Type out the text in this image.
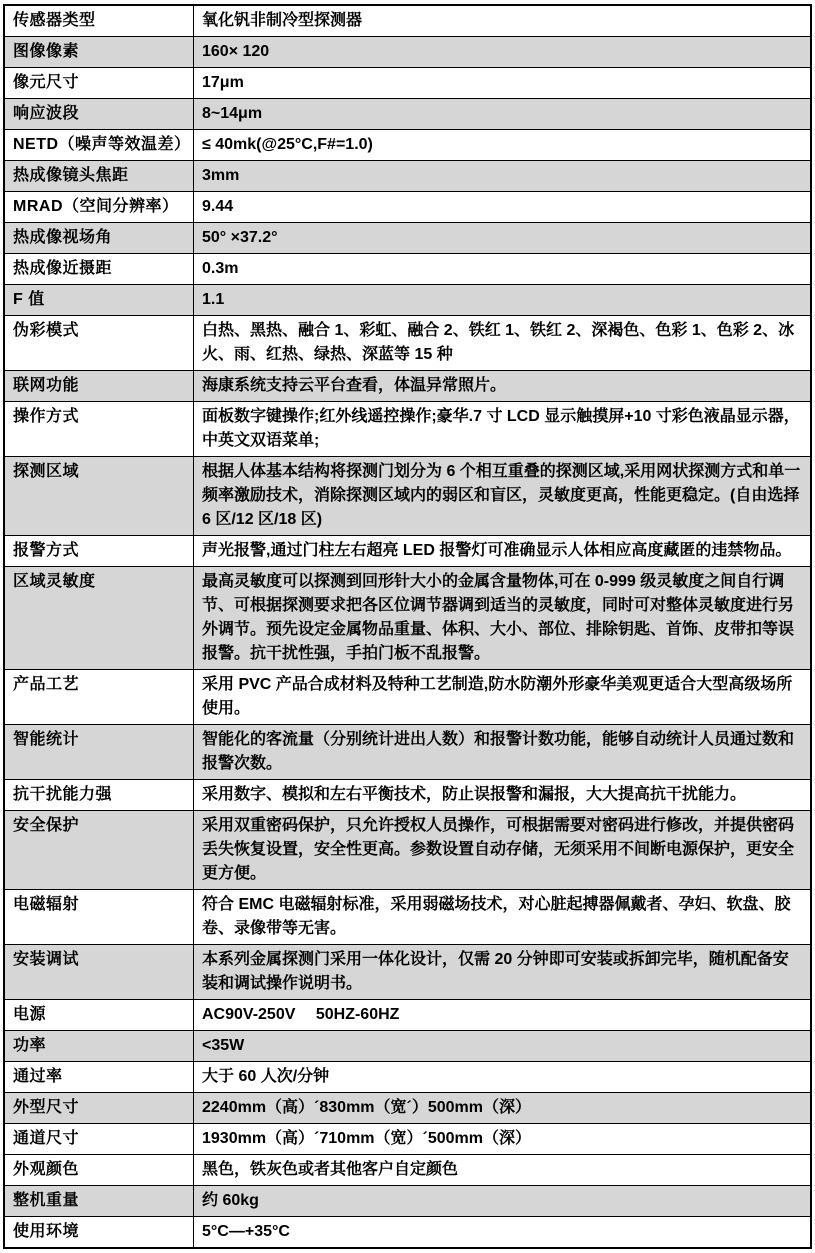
传感器类型	氧化钒非制冷型探测器
图像像素	160× 120
像元尺寸	17μm
响应波段	8~14μm
NETD（噪声等效温差）	≤ 40mk(@25°C,F#=1.0)
热成像镜头焦距	3mm
MRAD（空间分辨率）	9.44
热成像视场角	50° ×37.2°
热成像近摄距	0.3m
F 值	1.1
伪彩模式	白热、黑热、融合 1、彩虹、融合 2、铁红 1、铁红 2、深褐色、色彩 1、色彩 2、冰火、雨、红热、绿热、深蓝等 15 种
联网功能	海康系统支持云平台查看，体温异常照片。
操作方式	面板数字键操作;红外线遥控操作;豪华.7 寸 LCD 显示触摸屏+10 寸彩色液晶显示器，中英文双语菜单;
探测区域	根据人体基本结构将探测门划分为 6 个相互重叠的探测区域,采用网状探测方式和单一频率激励技术，消除探测区域内的弱区和盲区，灵敏度更高，性能更稳定。(自由选择 6 区/12 区/18 区)
报警方式	声光报警,通过门柱左右超亮 LED 报警灯可准确显示人体相应高度藏匿的违禁物品。
区域灵敏度	最高灵敏度可以探测到回形针大小的金属含量物体,可在 0-999 级灵敏度之间自行调节、可根据探测要求把各区位调节器调到适当的灵敏度，同时可对整体灵敏度进行另外调节。预先设定金属物品重量、体积、大小、部位、排除钥匙、首饰、皮带扣等误报警。抗干扰性强，手拍门板不乱报警。
产品工艺	采用 PVC 产品合成材料及特种工艺制造,防水防潮外形豪华美观更适合大型高级场所使用。
智能统计	智能化的客流量（分别统计进出人数）和报警计数功能，能够自动统计人员通过数和报警次数。
抗干扰能力强	采用数字、模拟和左右平衡技术，防止误报警和漏报，大大提高抗干扰能力。
安全保护	采用双重密码保护，只允许授权人员操作，可根据需要对密码进行修改，并提供密码丢失恢复设置，安全性更高。参数设置自动存储，无须采用不间断电源保护，更安全更方便。
电磁辐射	符合 EMC 电磁辐射标准，采用弱磁场技术，对心脏起搏器佩戴者、孕妇、软盘、胶卷、录像带等无害。
安装调试	本系列金属探测门采用一体化设计，仅需 20 分钟即可安装或拆卸完毕，随机配备安装和调试操作说明书。
电源	AC90V-250V　 50HZ-60HZ
功率	<35W
通过率	大于 60 人次/分钟
外型尺寸	2240mm（高）´830mm（宽´）500mm（深）
通道尺寸	1930mm（高）´710mm（宽）´500mm（深）
外观颜色	黑色，铁灰色或者其他客户自定颜色
整机重量	约 60kg
使用环境	5°C—+35°C
